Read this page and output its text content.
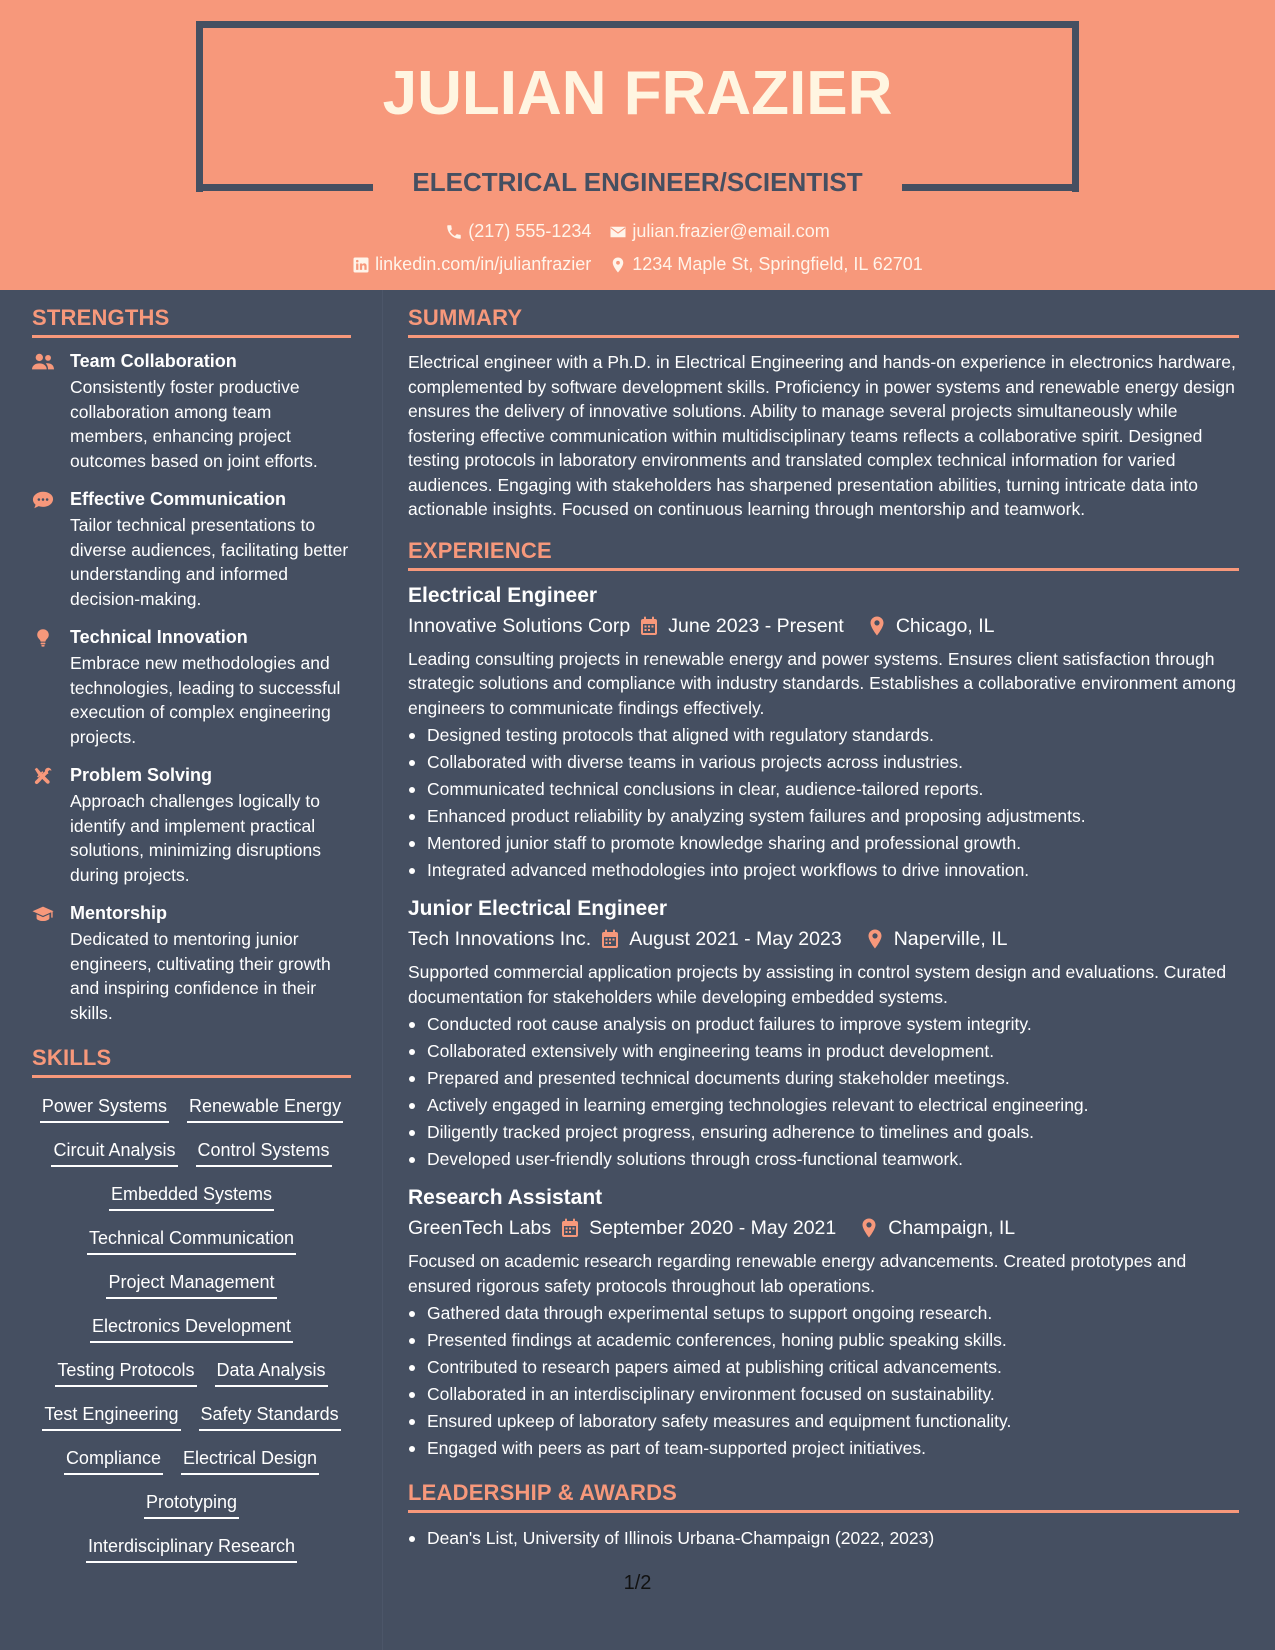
JULIAN FRAZIER
ELECTRICAL ENGINEER/SCIENTIST
(217) 555-1234 julian.frazier@email.com
linkedin.com/in/julianfrazier 1234 Maple St, Springfield, IL 62701
STRENGTHS
Team Collaboration
Consistently foster productive collaboration among team members, enhancing project outcomes based on joint efforts.
Effective Communication
Tailor technical presentations to diverse audiences, facilitating better understanding and informed decision-making.
Technical Innovation
Embrace new methodologies and technologies, leading to successful execution of complex engineering projects.
Problem Solving
Approach challenges logically to identify and implement practical solutions, minimizing disruptions during projects.
Mentorship
Dedicated to mentoring junior engineers, cultivating their growth and inspiring confidence in their skills.
SKILLS
Power Systems Renewable Energy
Circuit Analysis Control Systems
Embedded Systems
Technical Communication
Project Management
Electronics Development
Testing Protocols Data Analysis
Test Engineering Safety Standards
Compliance Electrical Design
Prototyping
Interdisciplinary Research
SUMMARY
Electrical engineer with a Ph.D. in Electrical Engineering and hands-on experience in electronics hardware, complemented by software development skills. Proficiency in power systems and renewable energy design ensures the delivery of innovative solutions. Ability to manage several projects simultaneously while fostering effective communication within multidisciplinary teams reflects a collaborative spirit. Designed testing protocols in laboratory environments and translated complex technical information for varied audiences. Engaging with stakeholders has sharpened presentation abilities, turning intricate data into actionable insights. Focused on continuous learning through mentorship and teamwork.
EXPERIENCE
Electrical Engineer
Innovative Solutions Corp June 2023 - Present	Chicago, IL
Leading consulting projects in renewable energy and power systems. Ensures client satisfaction through strategic solutions and compliance with industry standards. Establishes a collaborative environment among engineers to communicate findings effectively.
Designed testing protocols that aligned with regulatory standards.
Collaborated with diverse teams in various projects across industries.
Communicated technical conclusions in clear, audience-tailored reports.
Enhanced product reliability by analyzing system failures and proposing adjustments.
Mentored junior staff to promote knowledge sharing and professional growth.
Integrated advanced methodologies into project workflows to drive innovation.
Junior Electrical Engineer
Tech Innovations Inc. August 2021 - May 2023	Naperville, IL
Supported commercial application projects by assisting in control system design and evaluations. Curated documentation for stakeholders while developing embedded systems.
Conducted root cause analysis on product failures to improve system integrity.
Collaborated extensively with engineering teams in product development.
Prepared and presented technical documents during stakeholder meetings.
Actively engaged in learning emerging technologies relevant to electrical engineering.
Diligently tracked project progress, ensuring adherence to timelines and goals.
Developed user-friendly solutions through cross-functional teamwork.
Research Assistant
GreenTech Labs September 2020 - May 2021	Champaign, IL
Focused on academic research regarding renewable energy advancements. Created prototypes and ensured rigorous safety protocols throughout lab operations.
Gathered data through experimental setups to support ongoing research.
Presented findings at academic conferences, honing public speaking skills.
Contributed to research papers aimed at publishing critical advancements.
Collaborated in an interdisciplinary environment focused on sustainability.
Ensured upkeep of laboratory safety measures and equipment functionality.
Engaged with peers as part of team-supported project initiatives.
LEADERSHIP & AWARDS
Dean's List, University of Illinois Urbana-Champaign (2022, 2023)
1/2
